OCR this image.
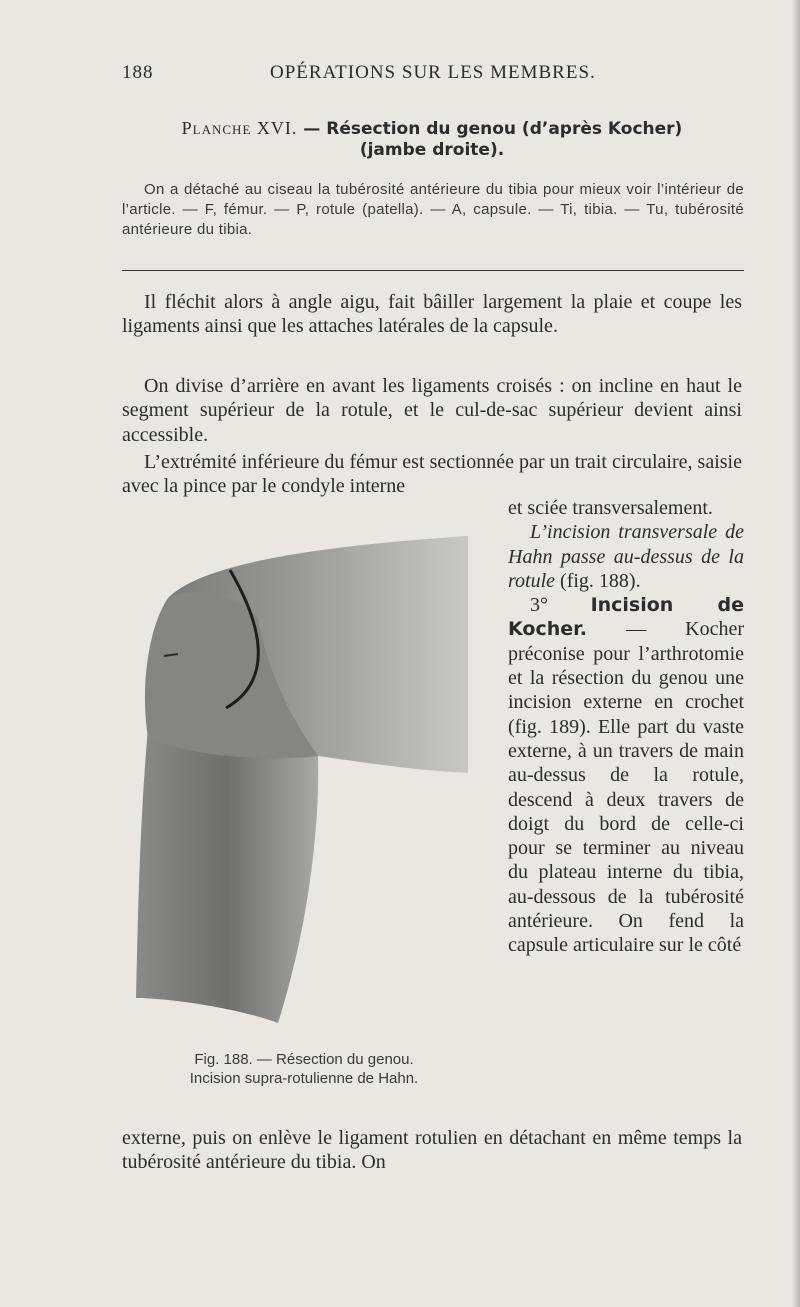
188	OPÉRATIONS SUR LES MEMBRES.
Planche XVI. — Résection du genou (d’après Kocher)
(jambe droite).

On a détaché au ciseau la tubérosité antérieure du tibia pour mieux voir l’intérieur de l’article. — F, fémur. — P, rotule (patella). — A, capsule. — Ti, tibia. — Tu, tubérosité antérieure du tibia.

Il fléchit alors à angle aigu, fait bâiller largement la plaie et coupe les ligaments ainsi que les attaches latérales de la capsule.

On divise d’arrière en avant les ligaments croisés : on incline en haut le segment supérieur de la rotule, et le cul-de-sac supérieur devient ainsi accessible.

L’extrémité inférieure du fémur est sectionnée par un trait circulaire, saisie avec la pince par le condyle interne

et sciée transversalement.

L’incision transversale de Hahn passe au-dessus de la rotule (fig. 188).

3° Incision de Kocher. — Kocher préconise pour l’arthrotomie et la résection du genou une incision externe en crochet (fig. 189). Elle part du vaste externe, à un travers de main au-dessus de la rotule, descend à deux travers de doigt du bord de celle-ci pour se terminer au niveau du plateau interne du tibia, au-dessous de la tubérosité antérieure. On fend la capsule articulaire sur le côté

Fig. 188. — Résection du genou.
Incision supra-rotulienne de Hahn.

externe, puis on enlève le ligament rotulien en détachant en même temps la tubérosité antérieure du tibia. On
